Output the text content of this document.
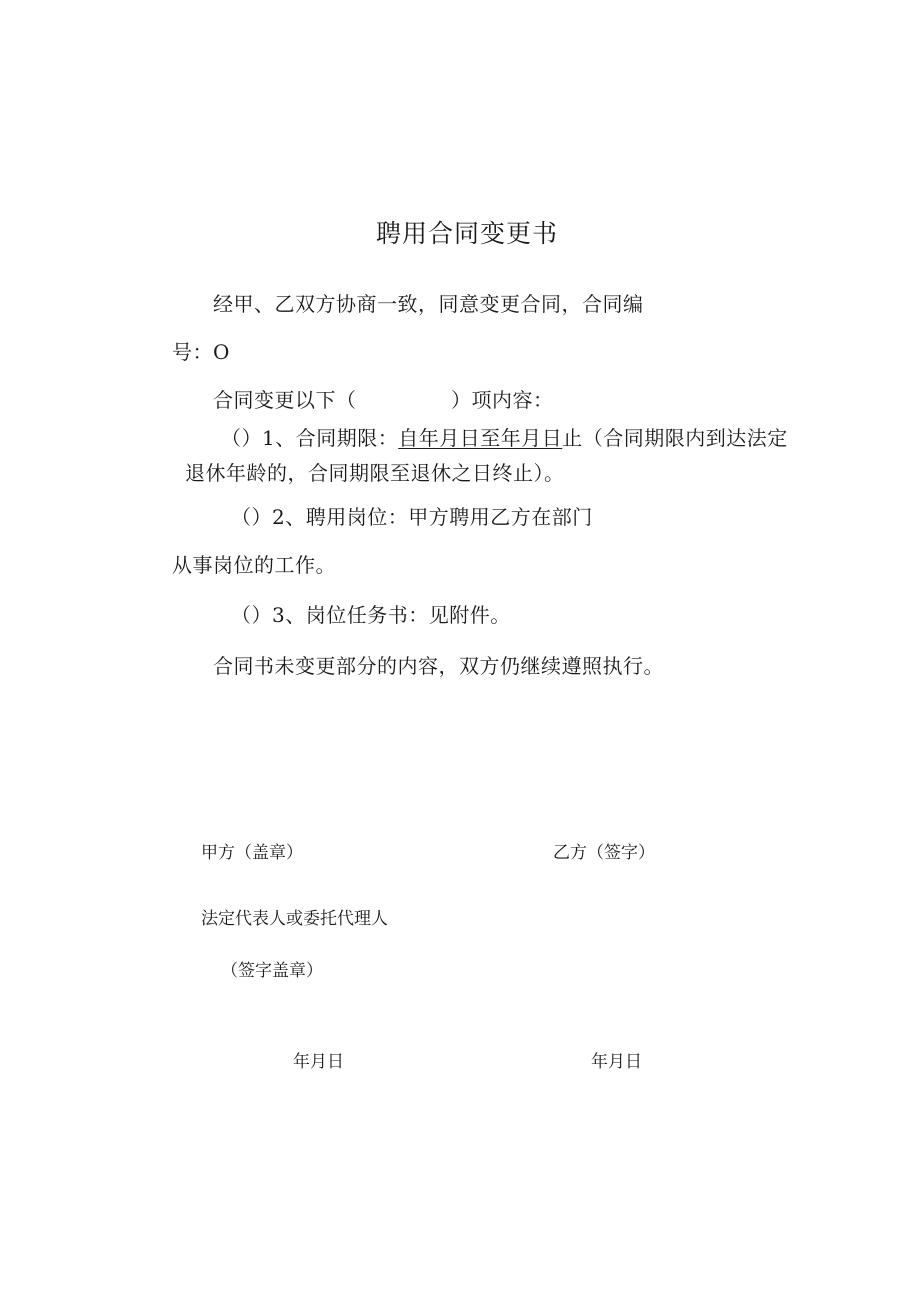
聘用合同变更书
经甲、乙双方协商一致，同意变更合同，合同编
号：O
合同变更以下（	）项内容：
（）1、合同期限：自年月日至年月日止（合同期限内到达法定
退休年龄的，合同期限至退休之日终止）。
（）2、聘用岗位：甲方聘用乙方在部门
从事岗位的工作。
（）3、岗位任务书：见附件。
合同书未变更部分的内容，双方仍继续遵照执行。
甲方（盖章）	乙方（签字）
法定代表人或委托代理人
（签字盖章）
年月日	年月日
